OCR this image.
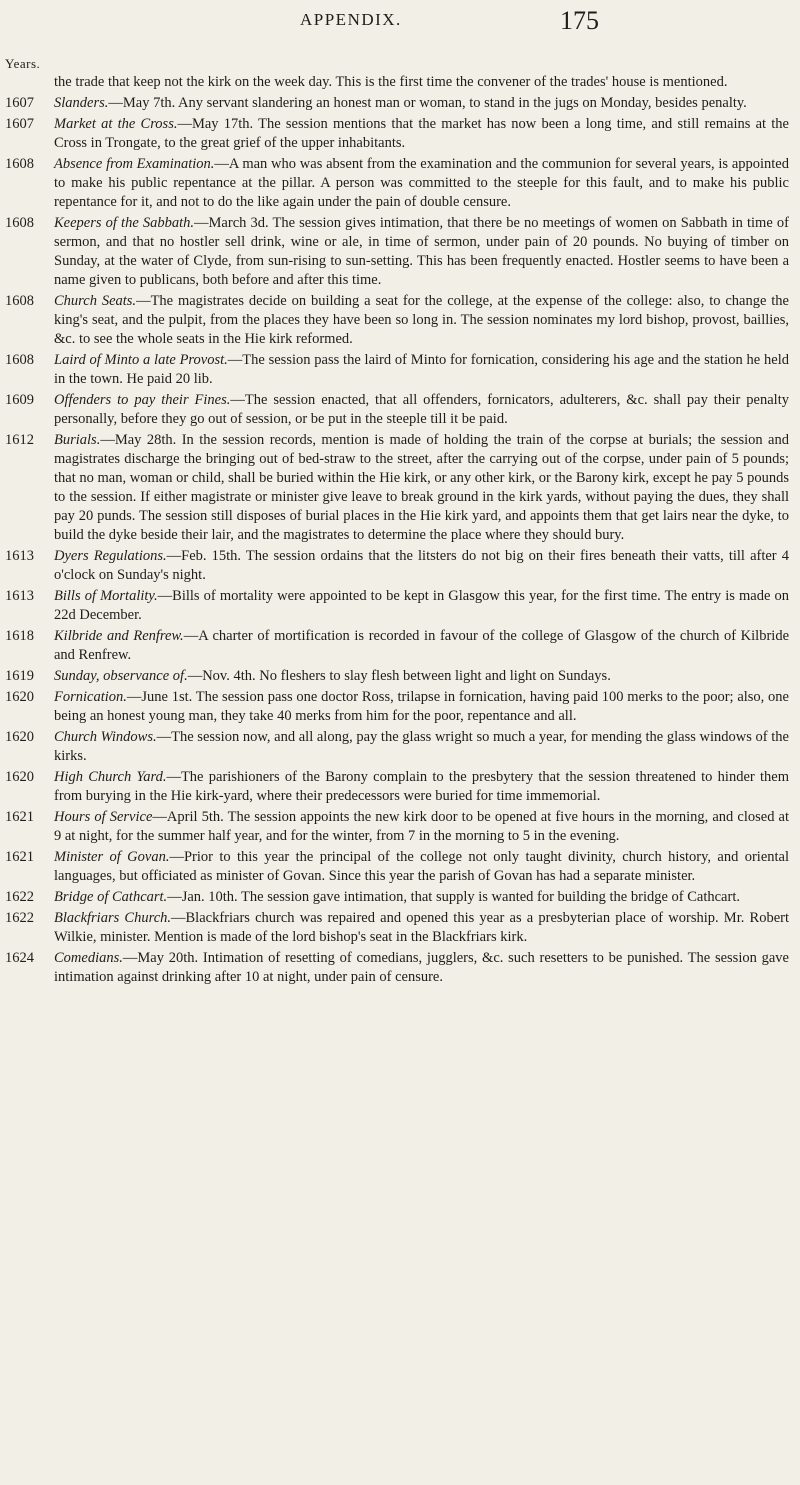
APPENDIX.	175
Years.
the trade that keep not the kirk on the week day. This is the first time the convener of the trades' house is mentioned.
1607	Slanders.—May 7th. Any servant slandering an honest man or woman, to stand in the jugs on Monday, besides penalty.
1607	Market at the Cross.—May 17th. The session mentions that the market has now been a long time, and still remains at the Cross in Trongate, to the great grief of the upper inhabitants.
1608	Absence from Examination.—A man who was absent from the examination and the communion for several years, is appointed to make his public repentance at the pillar. A person was committed to the steeple for this fault, and to make his public repentance for it, and not to do the like again under the pain of double censure.
1608	Keepers of the Sabbath.—March 3d. The session gives intimation, that there be no meetings of women on Sabbath in time of sermon, and that no hostler sell drink, wine or ale, in time of sermon, under pain of 20 pounds. No buying of timber on Sunday, at the water of Clyde, from sun-rising to sun-setting. This has been frequently enacted. Hostler seems to have been a name given to publicans, both before and after this time.
1608	Church Seats.—The magistrates decide on building a seat for the college, at the expense of the college: also, to change the king's seat, and the pulpit, from the places they have been so long in. The session nominates my lord bishop, provost, baillies, &c. to see the whole seats in the Hie kirk reformed.
1608	Laird of Minto a late Provost.—The session pass the laird of Minto for fornication, considering his age and the station he held in the town. He paid 20 lib.
1609	Offenders to pay their Fines.—The session enacted, that all offenders, fornicators, adulterers, &c. shall pay their penalty personally, before they go out of session, or be put in the steeple till it be paid.
1612	Burials.—May 28th. In the session records, mention is made of holding the train of the corpse at burials; the session and magistrates discharge the bringing out of bed-straw to the street, after the carrying out of the corpse, under pain of 5 pounds; that no man, woman or child, shall be buried within the Hie kirk, or any other kirk, or the Barony kirk, except he pay 5 pounds to the session. If either magistrate or minister give leave to break ground in the kirk yards, without paying the dues, they shall pay 20 punds. The session still disposes of burial places in the Hie kirk yard, and appoints them that get lairs near the dyke, to build the dyke beside their lair, and the magistrates to determine the place where they should bury.
1613	Dyers Regulations.—Feb. 15th. The session ordains that the litsters do not big on their fires beneath their vatts, till after 4 o'clock on Sunday's night.
1613	Bills of Mortality.—Bills of mortality were appointed to be kept in Glasgow this year, for the first time. The entry is made on 22d December.
1618	Kilbride and Renfrew.—A charter of mortification is recorded in favour of the college of Glasgow of the church of Kilbride and Renfrew.
1619	Sunday, observance of.—Nov. 4th. No fleshers to slay flesh between light and light on Sundays.
1620	Fornication.—June 1st. The session pass one doctor Ross, trilapse in fornication, having paid 100 merks to the poor; also, one being an honest young man, they take 40 merks from him for the poor, repentance and all.
1620	Church Windows.—The session now, and all along, pay the glass wright so much a year, for mending the glass windows of the kirks.
1620	High Church Yard.—The parishioners of the Barony complain to the presbytery that the session threatened to hinder them from burying in the Hie kirk-yard, where their predecessors were buried for time immemorial.
1621	Hours of Service—April 5th. The session appoints the new kirk door to be opened at five hours in the morning, and closed at 9 at night, for the summer half year, and for the winter, from 7 in the morning to 5 in the evening.
1621	Minister of Govan.—Prior to this year the principal of the college not only taught divinity, church history, and oriental languages, but officiated as minister of Govan. Since this year the parish of Govan has had a separate minister.
1622	Bridge of Cathcart.—Jan. 10th. The session gave intimation, that supply is wanted for building the bridge of Cathcart.
1622	Blackfriars Church.—Blackfriars church was repaired and opened this year as a presbyterian place of worship. Mr. Robert Wilkie, minister. Mention is made of the lord bishop's seat in the Blackfriars kirk.
1624	Comedians.—May 20th. Intimation of resetting of comedians, jugglers, &c. such resetters to be punished. The session gave intimation against drinking after 10 at night, under pain of censure.
